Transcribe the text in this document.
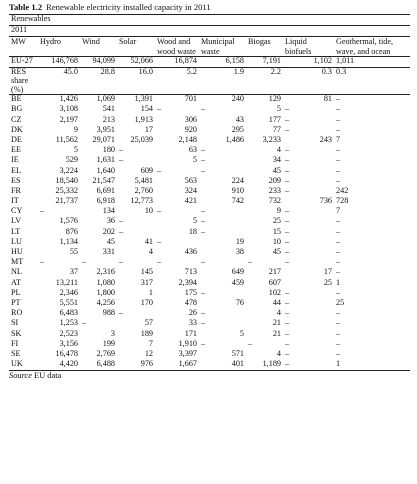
Table 1.2 Renewable electricity installed capacity in 2011
Renewables								
2011								
MW	Hydro	Wind	Solar	Wood and wood waste	Municipal waste	Biogas	Liquid biofuels	Geothermal, tide, wave, and ocean
EU-27	146,768	94,099	52,066	16,874	6,158	7,191	1,102	1,011
RES share (%)	45.0	28.8	16.0	5.2	1.9	2.2	0.3	0.3
BE	1,426	1,069	1,391	701	240	129	81	–
BG	3,108	541	154	–	–	5	–	–
CZ	2,197	213	1,913	306	43	177	–	–
DK	9	3,951	17	920	295	77	–	–
DE	11,562	29,071	25,039	2,148	1,486	3,233	243	7
EE	5	180	–	63	–	4	–	–
IE	529	1,631	–	5	–	34	–	–
EL	3,224	1,640	609	–	–	45	–	–
ES	18,540	21,547	5,481	563	224	209	–	–
FR	25,332	6,691	2,760	324	910	233	–	242
IT	21,737	6,918	12,773	421	742	732	736	728
CY	–	134	10	–	–	9	–	7
LV	1,576	36	–	5	–	25	–	–
LT	876	202	–	18	–	15	–	–
LU	1,134	45	41	–	19	10	–	–
HU	55	331	4	436	38	45	–	–
MT	–	–	–	–	–	–	–	–
NL	37	2,316	145	713	649	217	17	–
AT	13,211	1,080	317	2,394	459	607	25	1
PL	2,346	1,800	1	175	–	102	–	–
PT	5,551	4,256	170	478	76	44	–	25
RO	6,483	988	–	26	–	4	–	–
SI	1,253	–	57	33	–	21	–	–
SK	2,523	3	189	171	5	21	–	–
FI	3,156	199	7	1,910	–	–	–	–
SE	16,478	2,769	12	3,397	571	4	–	–
UK	4,420	6,488	976	1,667	401	1,189	–	1
Source EU data
